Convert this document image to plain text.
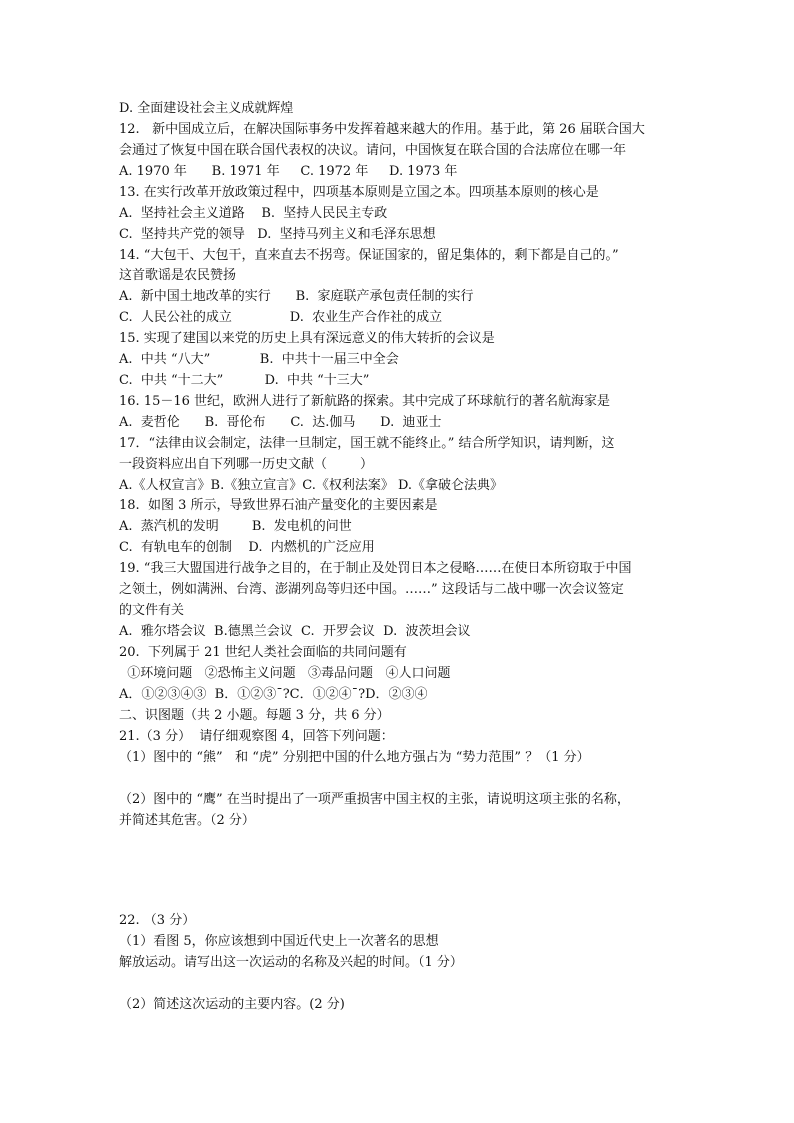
D. 全面建设社会主义成就辉煌
12.   新中国成立后，在解决国际事务中发挥着越来越大的作用。基于此，第 26 届联合国大
会通过了恢复中国在联合国代表权的决议。请问，中国恢复在联合国的合法席位在哪一年
A. 1970 年      B. 1971 年     C. 1972 年     D. 1973 年
13. 在实行改革开放政策过程中，四项基本原则是立国之本。四项基本原则的核心是
A.  坚持社会主义道路    B.  坚持人民民主专政
C.  坚持共产党的领导   D.  坚持马列主义和毛泽东思想
14. “大包干、大包干，直来直去不拐弯。保证国家的，留足集体的，剩下都是自己的。”
这首歌谣是农民赞扬
A.  新中国土地改革的实行      B.  家庭联产承包责任制的实行
C.  人民公社的成立              D.  农业生产合作社的成立
15. 实现了建国以来党的历史上具有深远意义的伟大转折的会议是
A.  中共 “八大”            B.  中共十一届三中全会
C.  中共 “十二大”          D.  中共 “十三大”
16. 15－16 世纪，欧洲人进行了新航路的探索。其中完成了环球航行的著名航海家是
A.  麦哲伦      B.  哥伦布      C.  达.伽马      D.  迪亚士
17．“法律由议会制定，法律一旦制定，国王就不能终止。” 结合所学知识，请判断，这
一段资料应出自下列哪一历史文献（        ）
A.《人权宣言》B.《独立宣言》C.《权利法案》 D.《拿破仑法典》
18.  如图 3 所示，导致世界石油产量变化的主要因素是
A.  蒸汽机的发明        B.  发电机的问世
C.  有轨电车的创制    D.  内燃机的广泛应用
19. “我三大盟国进行战争之目的，在于制止及处罚日本之侵略……在使日本所窃取于中国
之领土，例如满洲、台湾、澎湖列岛等归还中国。……” 这段话与二战中哪一次会议签定
的文件有关
A.  雅尔塔会议  B.德黑兰会议  C.  开罗会议  D.  波茨坦会议
20.  下列属于 21 世纪人类社会面临的共同问题有
①环境问题   ②恐怖主义问题   ③毒品问题   ④人口问题
A．①②③④③  B．①②③¯?C．①②④¯?D．②③④
二、识图题（共 2 小题。每题 3 分，共 6 分）
21.（3 分）  请仔细观察图 4，回答下列问题：
（1）图中的 “熊”   和 “虎” 分别把中国的什么地方强占为 “势力范围” ？（1 分）
（2）图中的 “鹰” 在当时提出了一项严重损害中国主权的主张，请说明这项主张的名称，
并简述其危害。（2 分）
22. （3 分）
（1）看图 5，你应该想到中国近代史上一次著名的思想
解放运动。请写出这一次运动的名称及兴起的时间。（1 分）
（2）简述这次运动的主要内容。(2 分)
